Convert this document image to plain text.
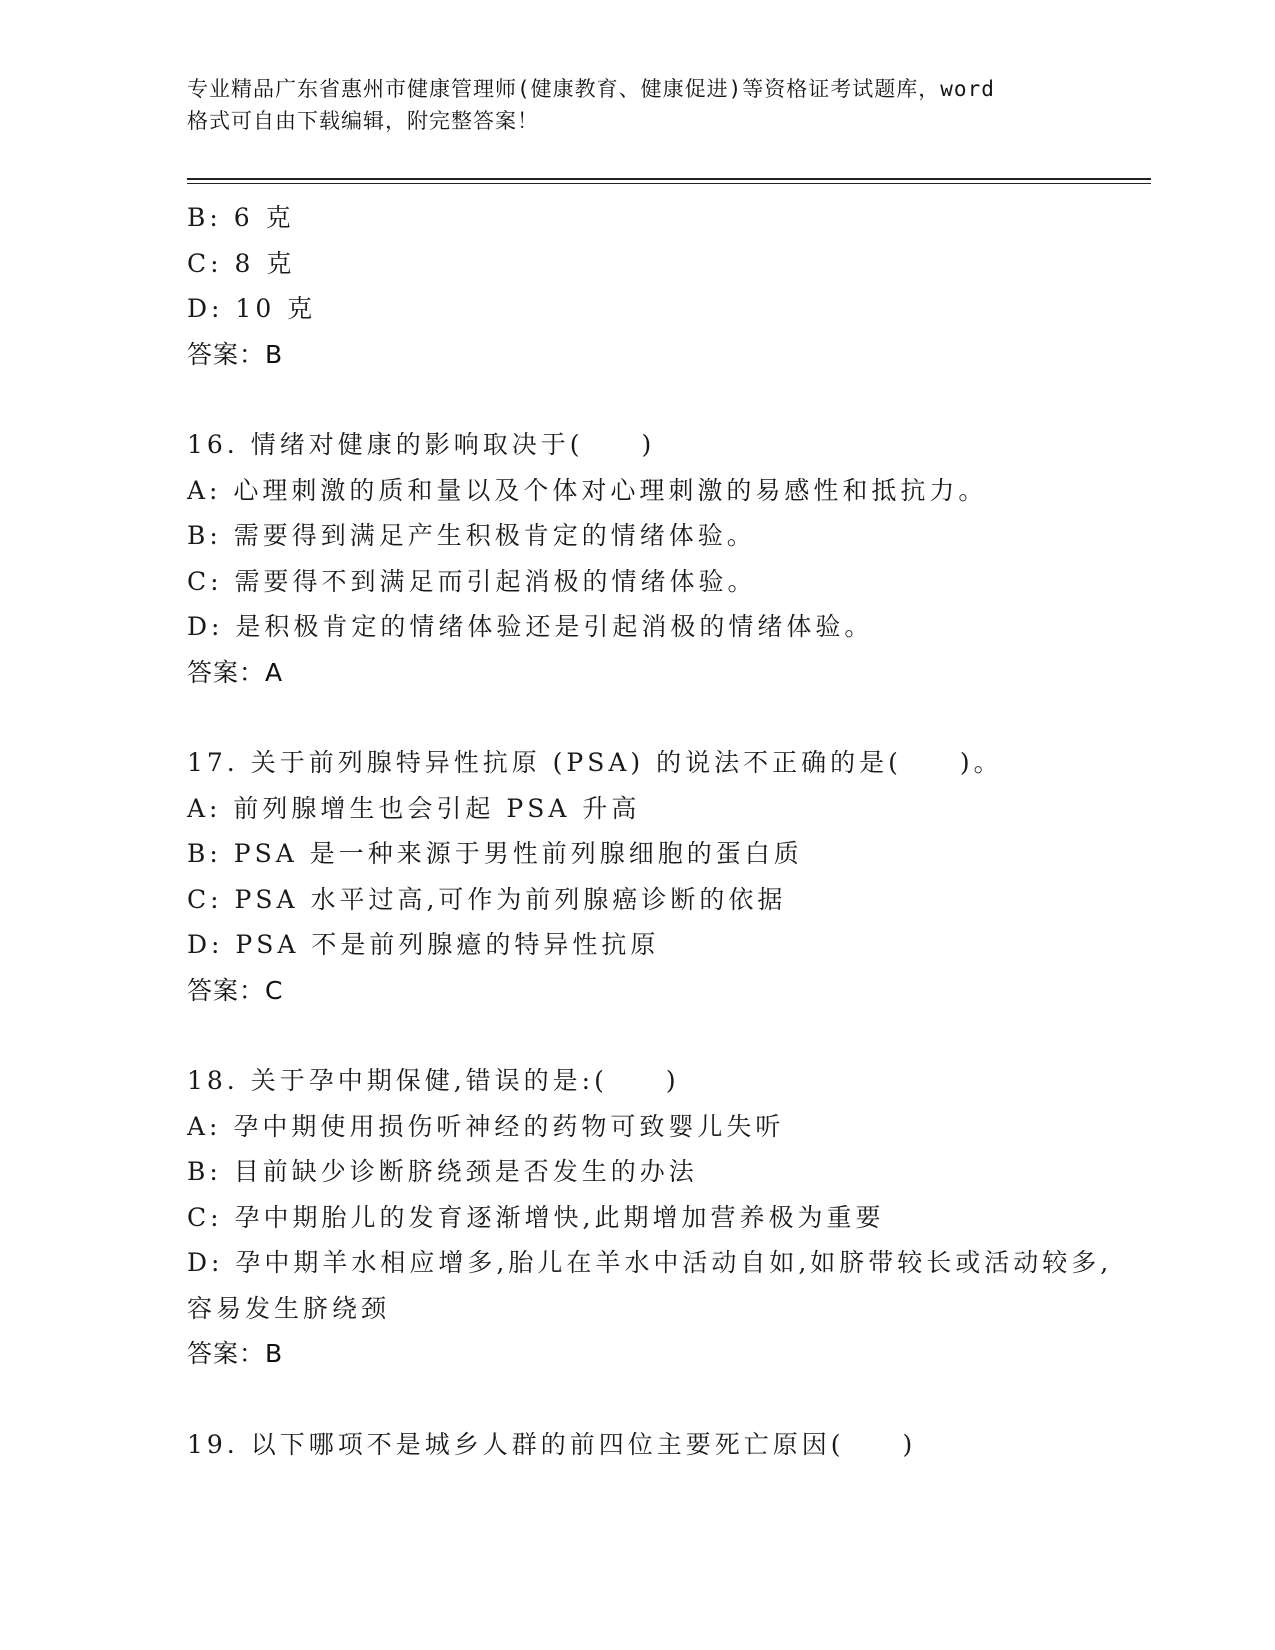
专业精品广东省惠州市健康管理师(健康教育、健康促进)等资格证考试题库，word
格式可自由下载编辑，附完整答案！
B: 6 克
C: 8 克
D: 10 克
答案：B
16. 情绪对健康的影响取决于(　　)
A: 心理刺激的质和量以及个体对心理刺激的易感性和抵抗力。
B: 需要得到满足产生积极肯定的情绪体验。
C: 需要得不到满足而引起消极的情绪体验。
D: 是积极肯定的情绪体验还是引起消极的情绪体验。
答案：A
17. 关于前列腺特异性抗原 (PSA) 的说法不正确的是(　　)。
A: 前列腺增生也会引起 PSA 升高
B: PSA 是一种来源于男性前列腺细胞的蛋白质
C: PSA 水平过高,可作为前列腺癌诊断的依据
D: PSA 不是前列腺癔的特异性抗原
答案：C
18. 关于孕中期保健,错误的是:(　　)
A: 孕中期使用损伤听神经的药物可致婴儿失听
B: 目前缺少诊断脐绕颈是否发生的办法
C: 孕中期胎儿的发育逐渐增快,此期增加营养极为重要
D: 孕中期羊水相应增多,胎儿在羊水中活动自如,如脐带较长或活动较多,容易发生脐绕颈
答案：B
19. 以下哪项不是城乡人群的前四位主要死亡原因(　　)
